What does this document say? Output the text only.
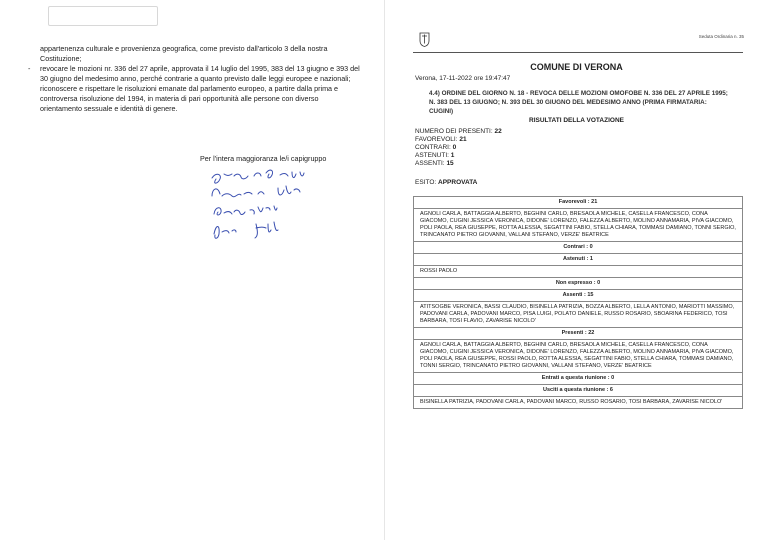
appartenenza culturale e provenienza geografica, come previsto dall'articolo 3 della nostra Costituzione;

- revocare le mozioni nr. 336 del 27 aprile, approvata il 14 luglio del 1995, 383 del 13 giugno e 393 del 30 giugno del medesimo anno, perché contrarie a quanto previsto dalle leggi europee e nazionali; riconoscere e rispettare le risoluzioni emanate dal parlamento europeo, a partire dalla prima e controversa risoluzione del 1994, in materia di pari opportunità alle persone con diverso orientamento sessuale e identità di genere.

Per l'intera maggioranza le/i capigruppo
Seduta Ordinaria n. 35
COMUNE DI VERONA
Verona, 17-11-2022 ore 19:47:47
4.4) ORDINE DEL GIORNO N. 18 - REVOCA DELLE MOZIONI OMOFOBE N. 336 DEL 27 APRILE 1995; N. 383 DEL 13 GIUGNO; N. 393 DEL 30 GIUGNO DEL MEDESIMO ANNO (PRIMA FIRMATARIA: CUGINI)
RISULTATI DELLA VOTAZIONE
NUMERO DEI PRESENTI: 22
FAVOREVOLI: 21
CONTRARI: 0
ASTENUTI: 1
ASSENTI: 15
ESITO: APPROVATA
Favorevoli : 21
AGNOLI CARLA, BATTAGGIA ALBERTO, BEGHINI CARLO, BRESAOLA MICHELE, CASELLA FRANCESCO, CONA GIACOMO, CUGINI JESSICA VERONICA, DIDONE' LORENZO, FALEZZA ALBERTO, MOLINO ANNAMARIA, PIVA GIACOMO, POLI PAOLA, REA GIUSEPPE, ROTTA ALESSIA, SEGATTINI FABIO, STELLA CHIARA, TOMMASI DAMIANO, TONNI SERGIO, TRINCANATO PIETRO GIOVANNI, VALLANI STEFANO, VERZE' BEATRICE
Contrari : 0
Astenuti : 1
ROSSI PAOLO
Non espresso : 0
Assenti : 15
ATITSOGBE VERONICA, BASSI CLAUDIO, BISINELLA PATRIZIA, BOZZA ALBERTO, LELLA ANTONIO, MARIOTTI MASSIMO, PADOVANI CARLA, PADOVANI MARCO, PISA LUIGI, POLATO DANIELE, RUSSO ROSARIO, SBOARINA FEDERICO, TOSI BARBARA, TOSI FLAVIO, ZAVARISE NICOLO'
Presenti : 22
AGNOLI CARLA, BATTAGGIA ALBERTO, BEGHINI CARLO, BRESAOLA MICHELE, CASELLA FRANCESCO, CONA GIACOMO, CUGINI JESSICA VERONICA, DIDONE' LORENZO, FALEZZA ALBERTO, MOLINO ANNAMARIA, PIVA GIACOMO, POLI PAOLA, REA GIUSEPPE, ROSSI PAOLO, ROTTA ALESSIA, SEGATTINI FABIO, STELLA CHIARA, TOMMASI DAMIANO, TONNI SERGIO, TRINCANATO PIETRO GIOVANNI, VALLANI STEFANO, VERZE' BEATRICE
Entrati a questa riunione : 0
Usciti a questa riunione : 6
BISINELLA PATRIZIA, PADOVANI CARLA, PADOVANI MARCO, RUSSO ROSARIO, TOSI BARBARA, ZAVARISE NICOLO'
